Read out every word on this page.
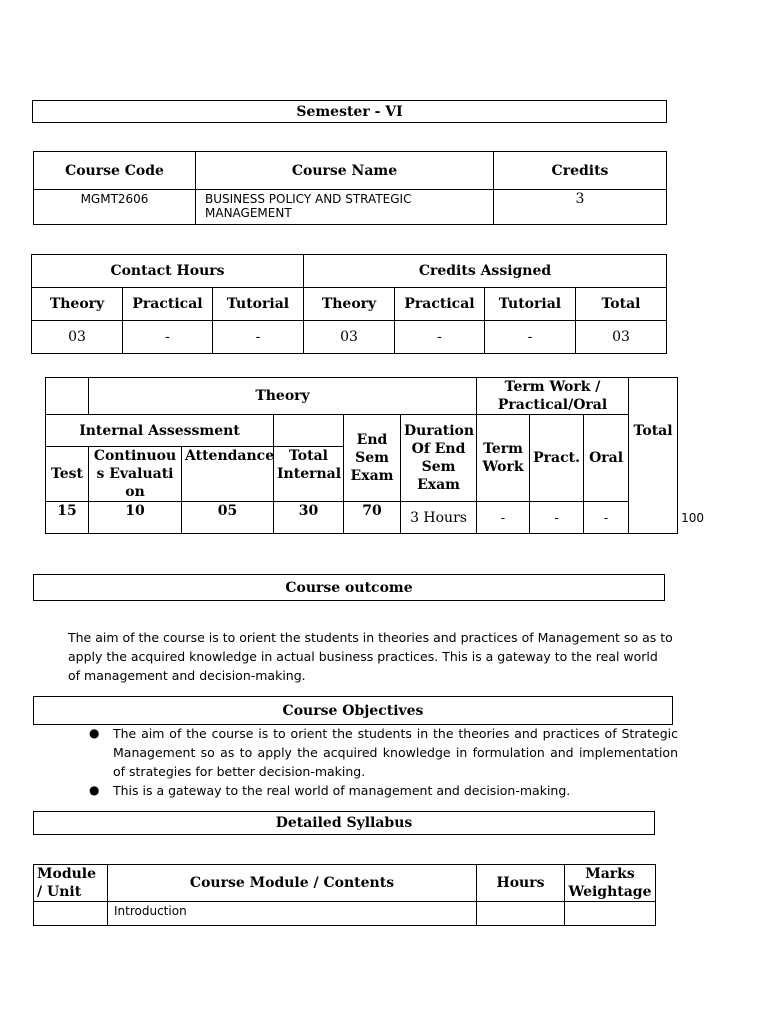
Semester - VI
Course Code	Course Name	Credits
MGMT2606	BUSINESS POLICY AND STRATEGIC MANAGEMENT	3
Contact Hours			Credits Assigned			
Theory	Practical	Tutorial	Theory	Practical	Tutorial	Total
03	-	-	03	-	-	03
	Theory					Term Work / Practical/Oral			Total	
Internal Assessment				End Sem Exam	Duration Of End Sem Exam	Term Work	Pract.	Oral		
Test	Continuous Evaluation	Attendance	Total Internal							
15	10	05	30	70	3 Hours	-	-	-		100
Course outcome
The aim of the course is to orient the students in theories and practices of Management so as to apply the acquired knowledge in actual business practices. This is a gateway to the real world of management and decision-making.
Course Objectives
● The aim of the course is to orient the students in the theories and practices of Strategic Management so as to apply the acquired knowledge in formulation and implementation of strategies for better decision-making.
● This is a gateway to the real world of management and decision-making.
Detailed Syllabus
Module / Unit	Course Module / Contents	Hours	Marks Weightage
	Introduction		
